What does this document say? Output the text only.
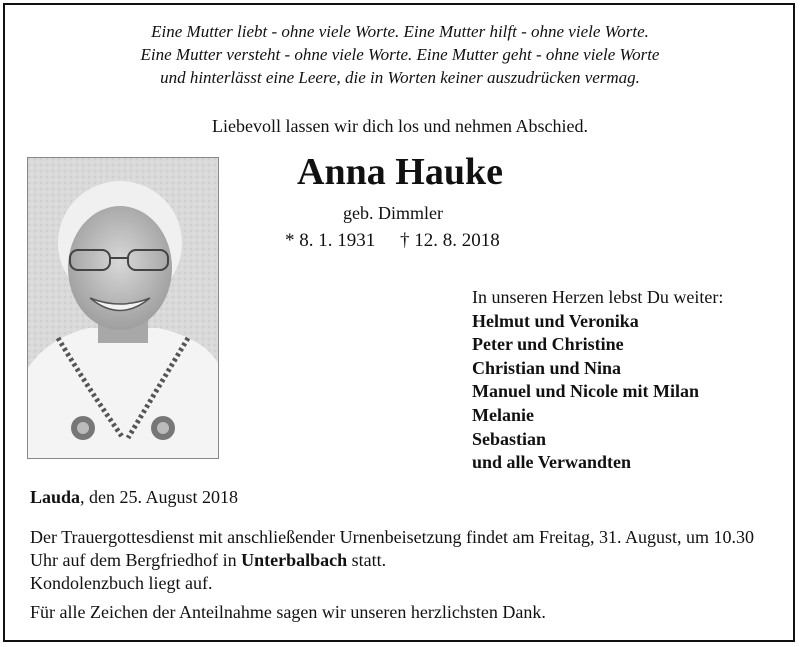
Eine Mutter liebt - ohne viele Worte. Eine Mutter hilft - ohne viele Worte.
Eine Mutter versteht - ohne viele Worte. Eine Mutter geht - ohne viele Worte
und hinterlässt eine Leere, die in Worten keiner auszudrücken vermag.
Liebevoll lassen wir dich los und nehmen Abschied.
Anna Hauke
geb. Dimmler
* 8. 1. 1931 † 12. 8. 2018
In unseren Herzen lebst Du weiter:
Helmut und Veronika
Peter und Christine
Christian und Nina
Manuel und Nicole mit Milan
Melanie
Sebastian
und alle Verwandten
Lauda, den 25. August 2018
Der Trauergottesdienst mit anschließender Urnenbeisetzung findet am Freitag, 31. August, um 10.30 Uhr auf dem Bergfriedhof in Unterbalbach statt.
Kondolenzbuch liegt auf.
Für alle Zeichen der Anteilnahme sagen wir unseren herzlichsten Dank.
